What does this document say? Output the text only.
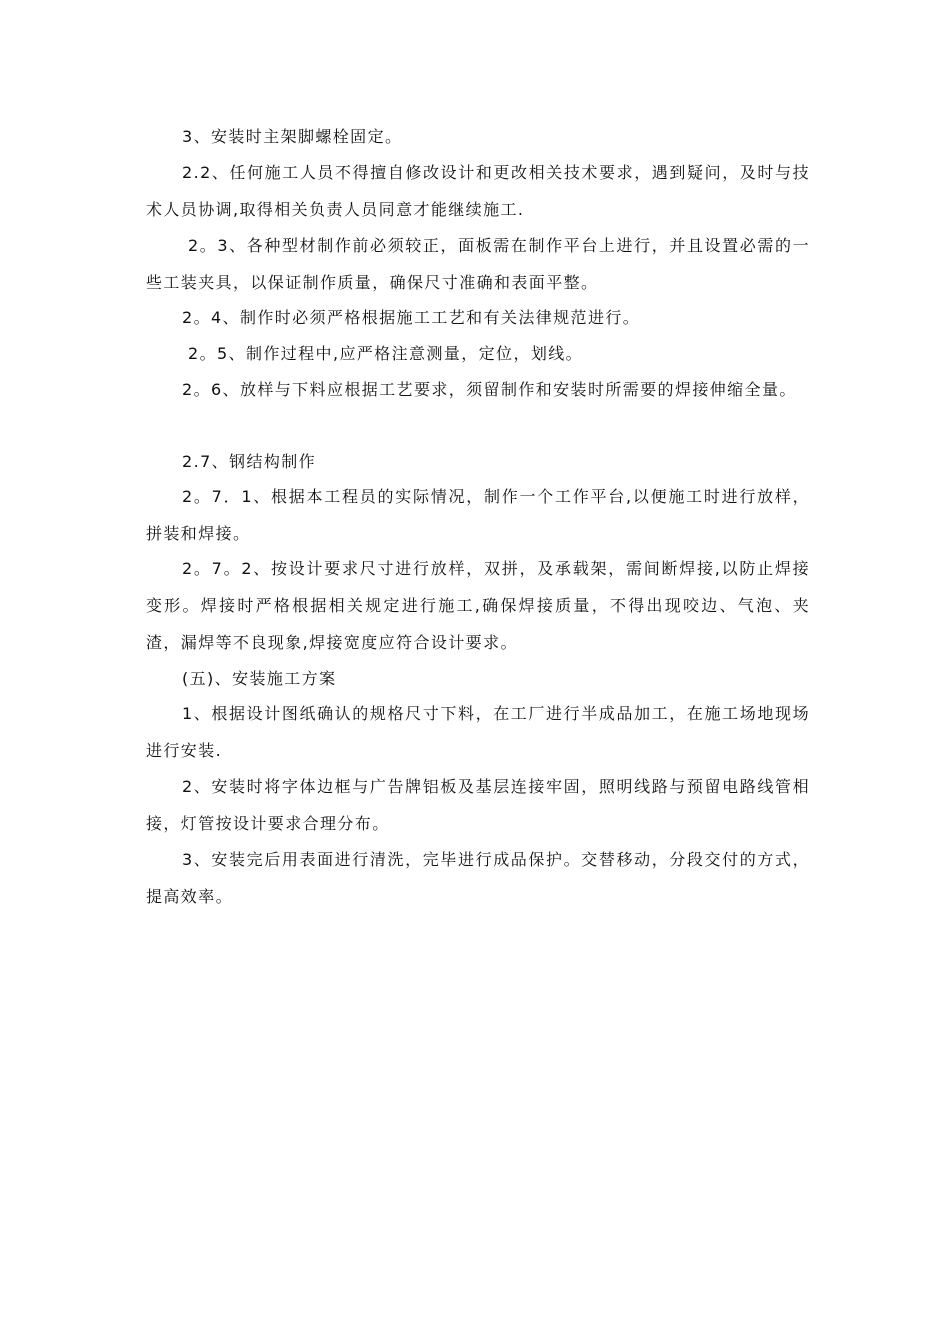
3、安装时主架脚螺栓固定。

2.2、任何施工人员不得擅自修改设计和更改相关技术要求，遇到疑问，及时与技术人员协调,取得相关负责人员同意才能继续施工.

2。3、各种型材制作前必须较正，面板需在制作平台上进行，并且设置必需的一些工装夹具，以保证制作质量，确保尺寸准确和表面平整。

2。4、制作时必须严格根据施工工艺和有关法律规范进行。

2。5、制作过程中,应严格注意测量，定位，划线。

2。6、放样与下料应根据工艺要求，须留制作和安装时所需要的焊接伸缩全量。

2.7、钢结构制作

2。7．1、根据本工程员的实际情况，制作一个工作平台,以便施工时进行放样，拼装和焊接。

2。7。2、按设计要求尺寸进行放样，双拼，及承载架，需间断焊接,以防止焊接变形。焊接时严格根据相关规定进行施工,确保焊接质量，不得出现咬边、气泡、夹渣，漏焊等不良现象,焊接宽度应符合设计要求。

(五)、安装施工方案

1、根据设计图纸确认的规格尺寸下料，在工厂进行半成品加工，在施工场地现场进行安装.

2、安装时将字体边框与广告牌铝板及基层连接牢固，照明线路与预留电路线管相接，灯管按设计要求合理分布。

3、安装完后用表面进行清洗，完毕进行成品保护。交替移动，分段交付的方式，提高效率。
